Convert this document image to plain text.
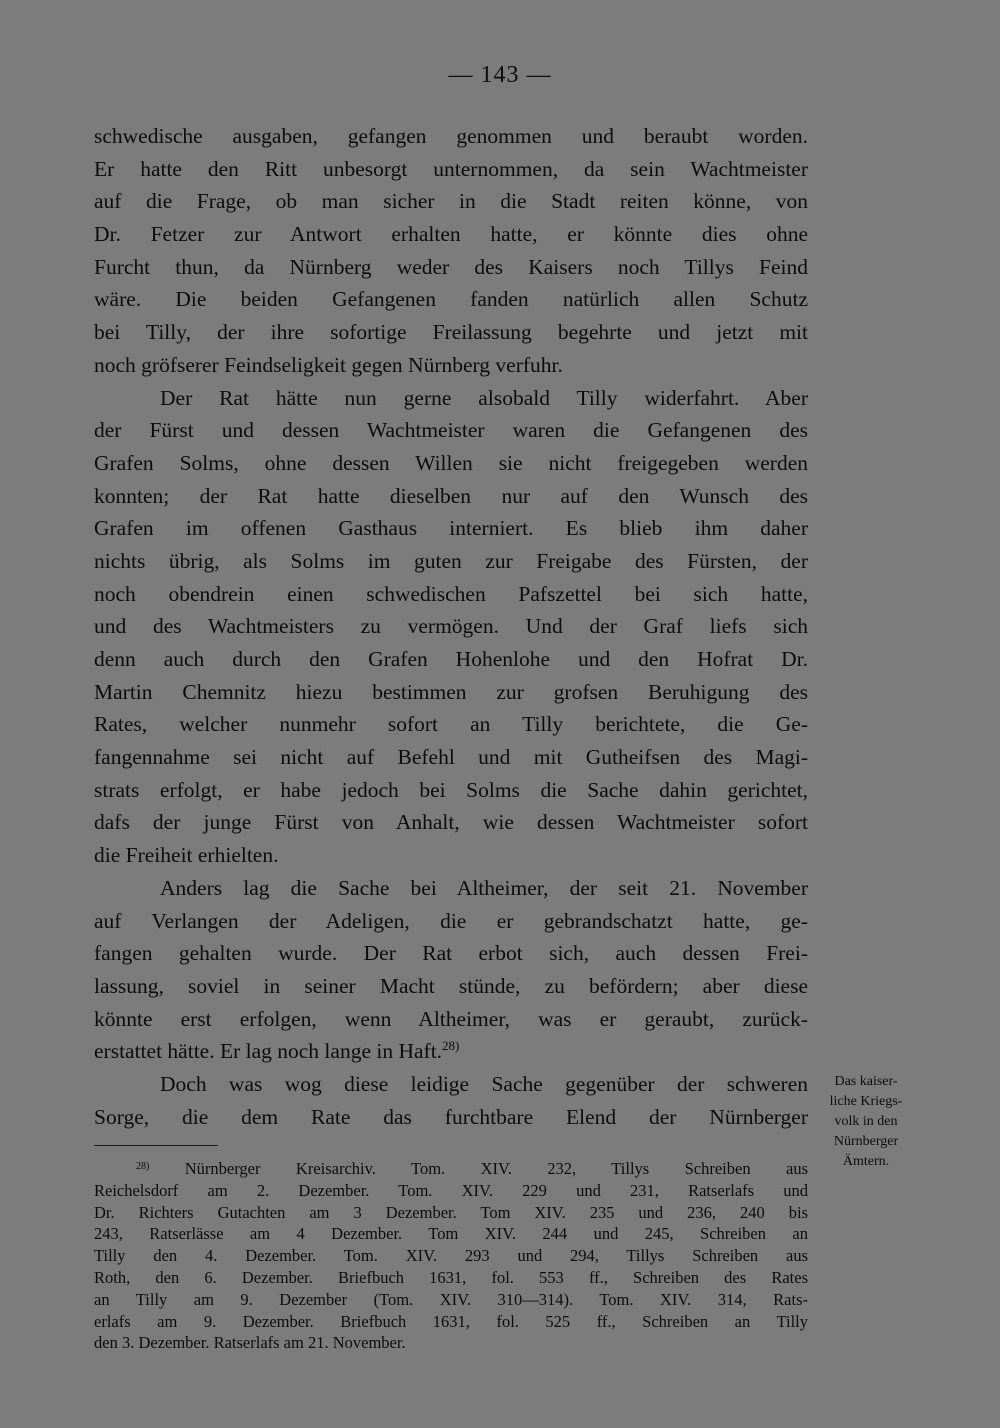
— 143 —
schwedische ausgaben, gefangen genommen und beraubt worden.
Er hatte den Ritt unbesorgt unternommen, da sein Wachtmeister
auf die Frage, ob man sicher in die Stadt reiten könne, von
Dr. Fetzer zur Antwort erhalten hatte, er könnte dies ohne
Furcht thun, da Nürnberg weder des Kaisers noch Tillys Feind
wäre. Die beiden Gefangenen fanden natürlich allen Schutz
bei Tilly, der ihre sofortige Freilassung begehrte und jetzt mit
noch gröfserer Feindseligkeit gegen Nürnberg verfuhr.
Der Rat hätte nun gerne alsobald Tilly widerfahrt. Aber
der Fürst und dessen Wachtmeister waren die Gefangenen des
Grafen Solms, ohne dessen Willen sie nicht freigegeben werden
konnten; der Rat hatte dieselben nur auf den Wunsch des
Grafen im offenen Gasthaus interniert. Es blieb ihm daher
nichts übrig, als Solms im guten zur Freigabe des Fürsten, der
noch obendrein einen schwedischen Pafszettel bei sich hatte,
und des Wachtmeisters zu vermögen. Und der Graf liefs sich
denn auch durch den Grafen Hohenlohe und den Hofrat Dr.
Martin Chemnitz hiezu bestimmen zur grofsen Beruhigung des
Rates, welcher nunmehr sofort an Tilly berichtete, die Ge-
fangennahme sei nicht auf Befehl und mit Gutheifsen des Magi-
strats erfolgt, er habe jedoch bei Solms die Sache dahin gerichtet,
dafs der junge Fürst von Anhalt, wie dessen Wachtmeister sofort
die Freiheit erhielten.
Anders lag die Sache bei Altheimer, der seit 21. November
auf Verlangen der Adeligen, die er gebrandschatzt hatte, ge-
fangen gehalten wurde. Der Rat erbot sich, auch dessen Frei-
lassung, soviel in seiner Macht stünde, zu befördern; aber diese
könnte erst erfolgen, wenn Altheimer, was er geraubt, zurück-
erstattet hätte. Er lag noch lange in Haft.$^{28)}$
Doch was wog diese leidige Sache gegenüber der schweren
Sorge, die dem Rate das furchtbare Elend der Nürnberger
Das kaiser-
liche Kriegs-
volk in den
Nürnberger
Ämtern.
$^{28)}$ Nürnberger Kreisarchiv. Tom. XIV. 232, Tillys Schreiben aus
Reichelsdorf am 2. Dezember. Tom. XIV. 229 und 231, Ratserlafs und
Dr. Richters Gutachten am 3 Dezember. Tom XIV. 235 und 236, 240 bis
243, Ratserlässe am 4 Dezember. Tom XIV. 244 und 245, Schreiben an
Tilly den 4. Dezember. Tom. XIV. 293 und 294, Tillys Schreiben aus
Roth, den 6. Dezember. Briefbuch 1631, fol. 553 ff., Schreiben des Rates
an Tilly am 9. Dezember (Tom. XIV. 310—314). Tom. XIV. 314, Rats-
erlafs am 9. Dezember. Briefbuch 1631, fol. 525 ff., Schreiben an Tilly
den 3. Dezember. Ratserlafs am 21. November.
